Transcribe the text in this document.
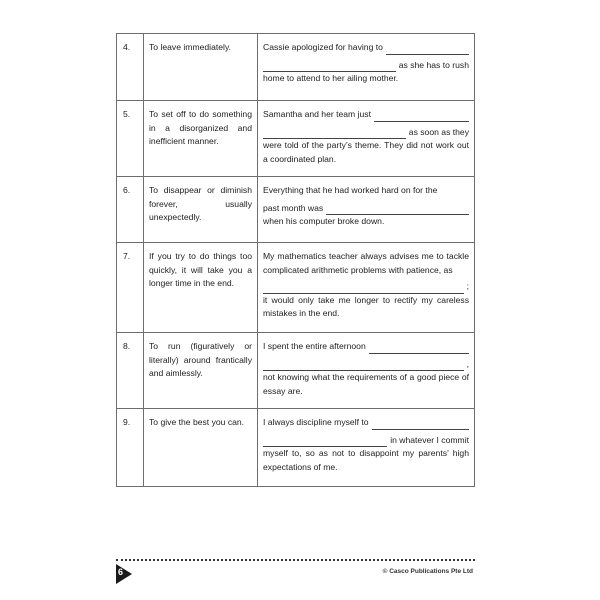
4.	To leave immediately.	Cassie apologized for having to
as she has to rush
home to attend to her ailing mother.

5.	To set off to do something in a disorganized and inefficient manner.	Samantha and her team just
as soon as they
were told of the party’s theme. They did not work out a coordinated plan.

6.	To disappear or diminish forever, usually unexpectedly.	Everything that he had worked hard on for the
past month was
when his computer broke down.

7.	If you try to do things too quickly, it will take you a longer time in the end.	My mathematics teacher always advises me to tackle complicated arithmetic problems with patience, as
;
it would only take me longer to rectify my careless mistakes in the end.

8.	To run (figuratively or literally) around frantically and aimlessly.	I spent the entire afternoon
,
not knowing what the requirements of a good piece of essay are.

9.	To give the best you can.	I always discipline myself to
in whatever I commit
myself to, so as not to disappoint my parents’ high expectations of me.
6	© Casco Publications Pte Ltd
